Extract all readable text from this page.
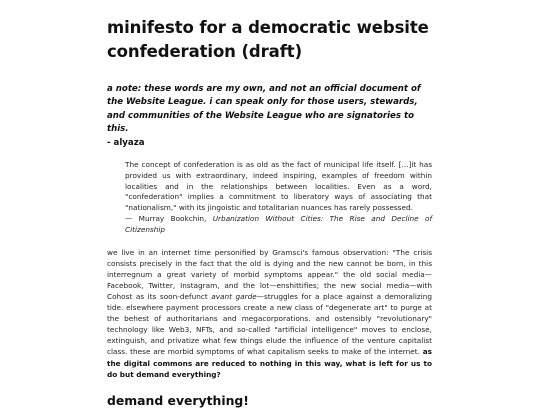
minifesto for a democratic website confederation (draft)

a note: these words are my own, and not an official document of the Website League. i can speak only for those users, stewards, and communities of the Website League who are signatories to this.

- alyaza
The concept of confederation is as old as the fact of municipal life itself. [...]it has provided us with extraordinary, indeed inspiring, examples of freedom within localities and in the relationships between localities. Even as a word, "confederation" implies a commitment to liberatory ways of associating that "nationalism," with its jingoistic and totalitarian nuances has rarely possessed.
— Murray Bookchin, Urbanization Without Cities: The Rise and Decline of Citizenship

we live in an internet time personified by Gramsci's famous observation: "The crisis consists precisely in the fact that the old is dying and the new cannot be born, in this interregnum a great variety of morbid symptoms appear." the old social media—Facebook, Twitter, Instagram, and the lot—enshittifies; the new social media—with Cohost as its soon-defunct avant garde—struggles for a place against a demoralizing tide. elsewhere payment processors create a new class of "degenerate art" to purge at the behest of authoritarians and megacorporations. and ostensibly "revolutionary" technology like Web3, NFTs, and so-called "artificial intelligence" moves to enclose, extinguish, and privatize what few things elude the influence of the venture capitalist class. these are morbid symptoms of what capitalism seeks to make of the internet. as the digital commons are reduced to nothing in this way, what is left for us to do but demand everything?

demand everything!
